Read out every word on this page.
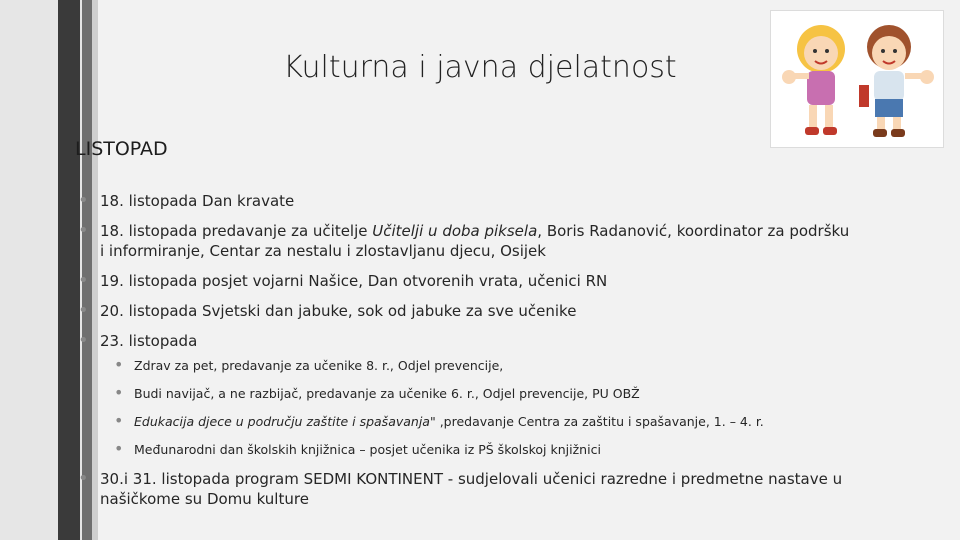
Kulturna i javna djelatnost
LISTOPAD
• 18. listopada Dan kravate
• 18. listopada predavanje za učitelje Učitelji u doba piksela, Boris Radanović, koordinator za podršku i informiranje, Centar za nestalu i zlostavljanu djecu, Osijek
• 19. listopada posjet vojarni Našice, Dan otvorenih vrata, učenici RN
• 20. listopada Svjetski dan jabuke, sok od jabuke za sve učenike
• 23. listopada
• Zdrav za pet, predavanje za učenike 8. r., Odjel prevencije,
• Budi navijač, a ne razbijač, predavanje za učenike 6. r., Odjel prevencije, PU OBŽ
• Edukacija djece u području zaštite i spašavanja" ,predavanje Centra za zaštitu i spašavanje, 1. – 4. r.
• Međunarodni dan školskih knjižnica – posjet učenika iz PŠ školskoj knjižnici
• 30.i 31. listopada program SEDMI KONTINENT - sudjelovali učenici razredne i predmetne nastave u našičkome su Domu kulture
